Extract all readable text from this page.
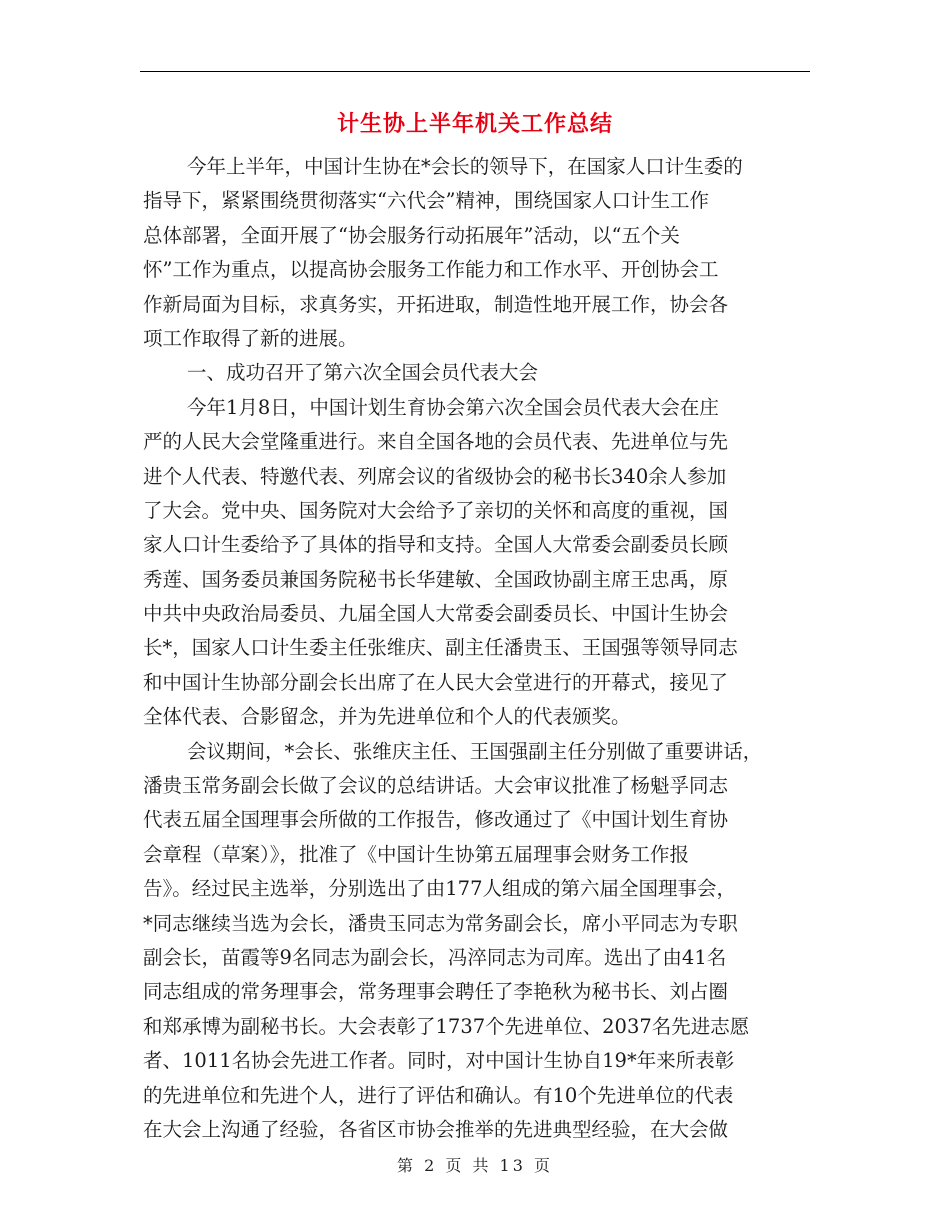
计生协上半年机关工作总结
今年上半年，中国计生协在*会长的领导下，在国家人口计生委的
指导下，紧紧围绕贯彻落实“六代会”精神，围绕国家人口计生工作
总体部署，全面开展了“协会服务行动拓展年”活动，以“五个关
怀”工作为重点，以提高协会服务工作能力和工作水平、开创协会工
作新局面为目标，求真务实，开拓进取，制造性地开展工作，协会各
项工作取得了新的进展。
一、成功召开了第六次全国会员代表大会
今年1月8日，中国计划生育协会第六次全国会员代表大会在庄
严的人民大会堂隆重进行。来自全国各地的会员代表、先进单位与先
进个人代表、特邀代表、列席会议的省级协会的秘书长340余人参加
了大会。党中央、国务院对大会给予了亲切的关怀和高度的重视，国
家人口计生委给予了具体的指导和支持。全国人大常委会副委员长顾
秀莲、国务委员兼国务院秘书长华建敏、全国政协副主席王忠禹，原
中共中央政治局委员、九届全国人大常委会副委员长、中国计生协会
长*，国家人口计生委主任张维庆、副主任潘贵玉、王国强等领导同志
和中国计生协部分副会长出席了在人民大会堂进行的开幕式，接见了
全体代表、合影留念，并为先进单位和个人的代表颁奖。
会议期间，*会长、张维庆主任、王国强副主任分别做了重要讲话，
潘贵玉常务副会长做了会议的总结讲话。大会审议批准了杨魁孚同志
代表五届全国理事会所做的工作报告，修改通过了《中国计划生育协
会章程（草案）》，批准了《中国计生协第五届理事会财务工作报
告》。经过民主选举，分别选出了由177人组成的第六届全国理事会，
*同志继续当选为会长，潘贵玉同志为常务副会长，席小平同志为专职
副会长，苗霞等9名同志为副会长，冯淬同志为司库。选出了由41名
同志组成的常务理事会，常务理事会聘任了李艳秋为秘书长、刘占圈
和郑承博为副秘书长。大会表彰了1737个先进单位、2037名先进志愿
者、1011名协会先进工作者。同时，对中国计生协自19*年来所表彰
的先进单位和先进个人，进行了评估和确认。有10个先进单位的代表
在大会上沟通了经验，各省区市协会推举的先进典型经验，在大会做
第 2 页 共 13 页
